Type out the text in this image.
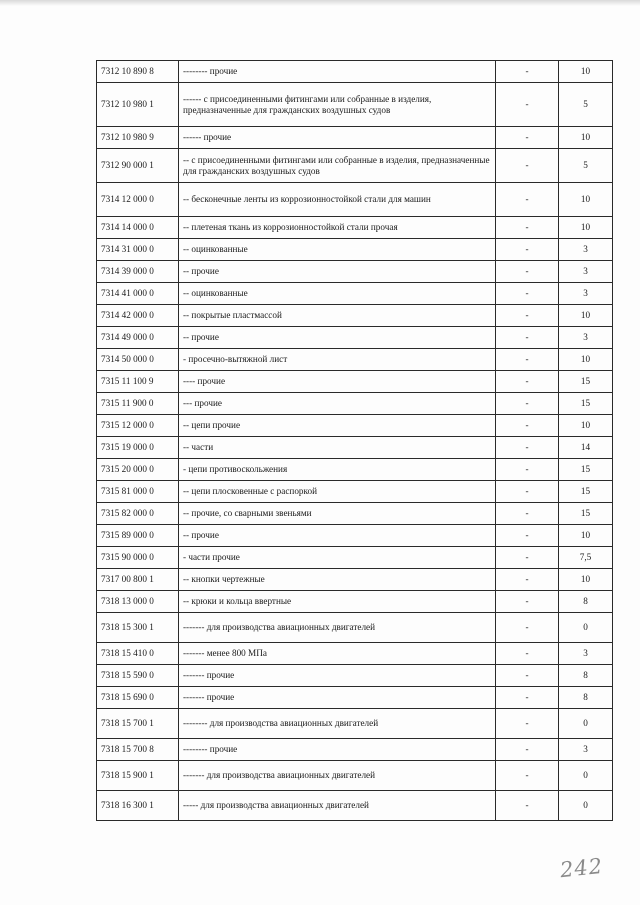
7312 10 890 8	-------- прочие	-	10
7312 10 980 1	------ с присоединенными фитингами или собранные в изделия, предназначенные для гражданских воздушных судов	-	5
7312 10 980 9	------ прочие	-	10
7312 90 000 1	-- с присоединенными фитингами или собранные в изделия, предназначенные для гражданских воздушных судов	-	5
7314 12 000 0	-- бесконечные ленты из коррозионностойкой стали для машин	-	10
7314 14 000 0	-- плетеная ткань из коррозионностойкой стали прочая	-	10
7314 31 000 0	-- оцинкованные	-	3
7314 39 000 0	-- прочие	-	3
7314 41 000 0	-- оцинкованные	-	3
7314 42 000 0	-- покрытые пластмассой	-	10
7314 49 000 0	-- прочие	-	3
7314 50 000 0	- просечно-вытяжной лист	-	10
7315 11 100 9	---- прочие	-	15
7315 11 900 0	--- прочие	-	15
7315 12 000 0	-- цепи прочие	-	10
7315 19 000 0	-- части	-	14
7315 20 000 0	- цепи противоскольжения	-	15
7315 81 000 0	-- цепи плосковенные с распоркой	-	15
7315 82 000 0	-- прочие, со сварными звеньями	-	15
7315 89 000 0	-- прочие	-	10
7315 90 000 0	- части прочие	-	7,5
7317 00 800 1	-- кнопки чертежные	-	10
7318 13 000 0	-- крюки и кольца ввертные	-	8
7318 15 300 1	------- для производства авиационных двигателей	-	0
7318 15 410 0	------- менее 800 МПа	-	3
7318 15 590 0	------- прочие	-	8
7318 15 690 0	------- прочие	-	8
7318 15 700 1	-------- для производства авиационных двигателей	-	0
7318 15 700 8	-------- прочие	-	3
7318 15 900 1	------- для производства авиационных двигателей	-	0
7318 16 300 1	----- для производства авиационных двигателей	-	0
242
